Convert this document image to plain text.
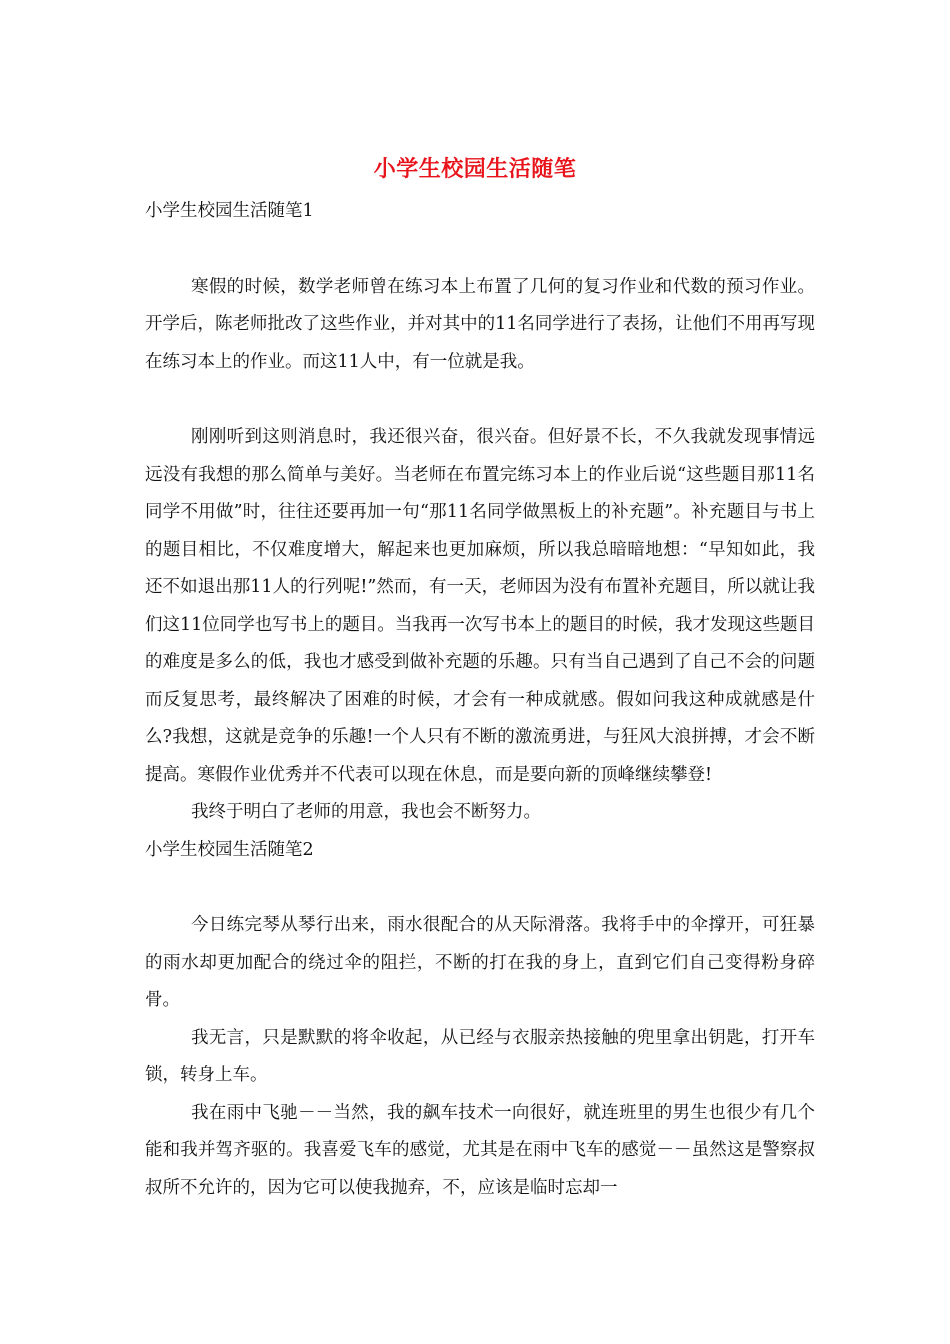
小学生校园生活随笔

小学生校园生活随笔1

寒假的时候，数学老师曾在练习本上布置了几何的复习作业和代数的预习作业。开学后，陈老师批改了这些作业，并对其中的11名同学进行了表扬，让他们不用再写现在练习本上的作业。而这11人中，有一位就是我。

刚刚听到这则消息时，我还很兴奋，很兴奋。但好景不长，不久我就发现事情远远没有我想的那么简单与美好。当老师在布置完练习本上的作业后说“这些题目那11名同学不用做”时，往往还要再加一句“那11名同学做黑板上的补充题”。补充题目与书上的题目相比，不仅难度增大，解起来也更加麻烦，所以我总暗暗地想：“早知如此，我还不如退出那11人的行列呢!”然而，有一天，老师因为没有布置补充题目，所以就让我们这11位同学也写书上的题目。当我再一次写书本上的题目的时候，我才发现这些题目的难度是多么的低，我也才感受到做补充题的乐趣。只有当自己遇到了自己不会的问题而反复思考，最终解决了困难的时候，才会有一种成就感。假如问我这种成就感是什么?我想，这就是竞争的乐趣!一个人只有不断的激流勇进，与狂风大浪拼搏，才会不断提高。寒假作业优秀并不代表可以现在休息，而是要向新的顶峰继续攀登!

我终于明白了老师的用意，我也会不断努力。

小学生校园生活随笔2

今日练完琴从琴行出来，雨水很配合的从天际滑落。我将手中的伞撑开，可狂暴的雨水却更加配合的绕过伞的阻拦，不断的打在我的身上，直到它们自己变得粉身碎骨。

我无言，只是默默的将伞收起，从已经与衣服亲热接触的兜里拿出钥匙，打开车锁，转身上车。

我在雨中飞驰－－当然，我的飙车技术一向很好，就连班里的男生也很少有几个能和我并驾齐驱的。我喜爱飞车的感觉，尤其是在雨中飞车的感觉－－虽然这是警察叔叔所不允许的，因为它可以使我抛弃，不，应该是临时忘却一
